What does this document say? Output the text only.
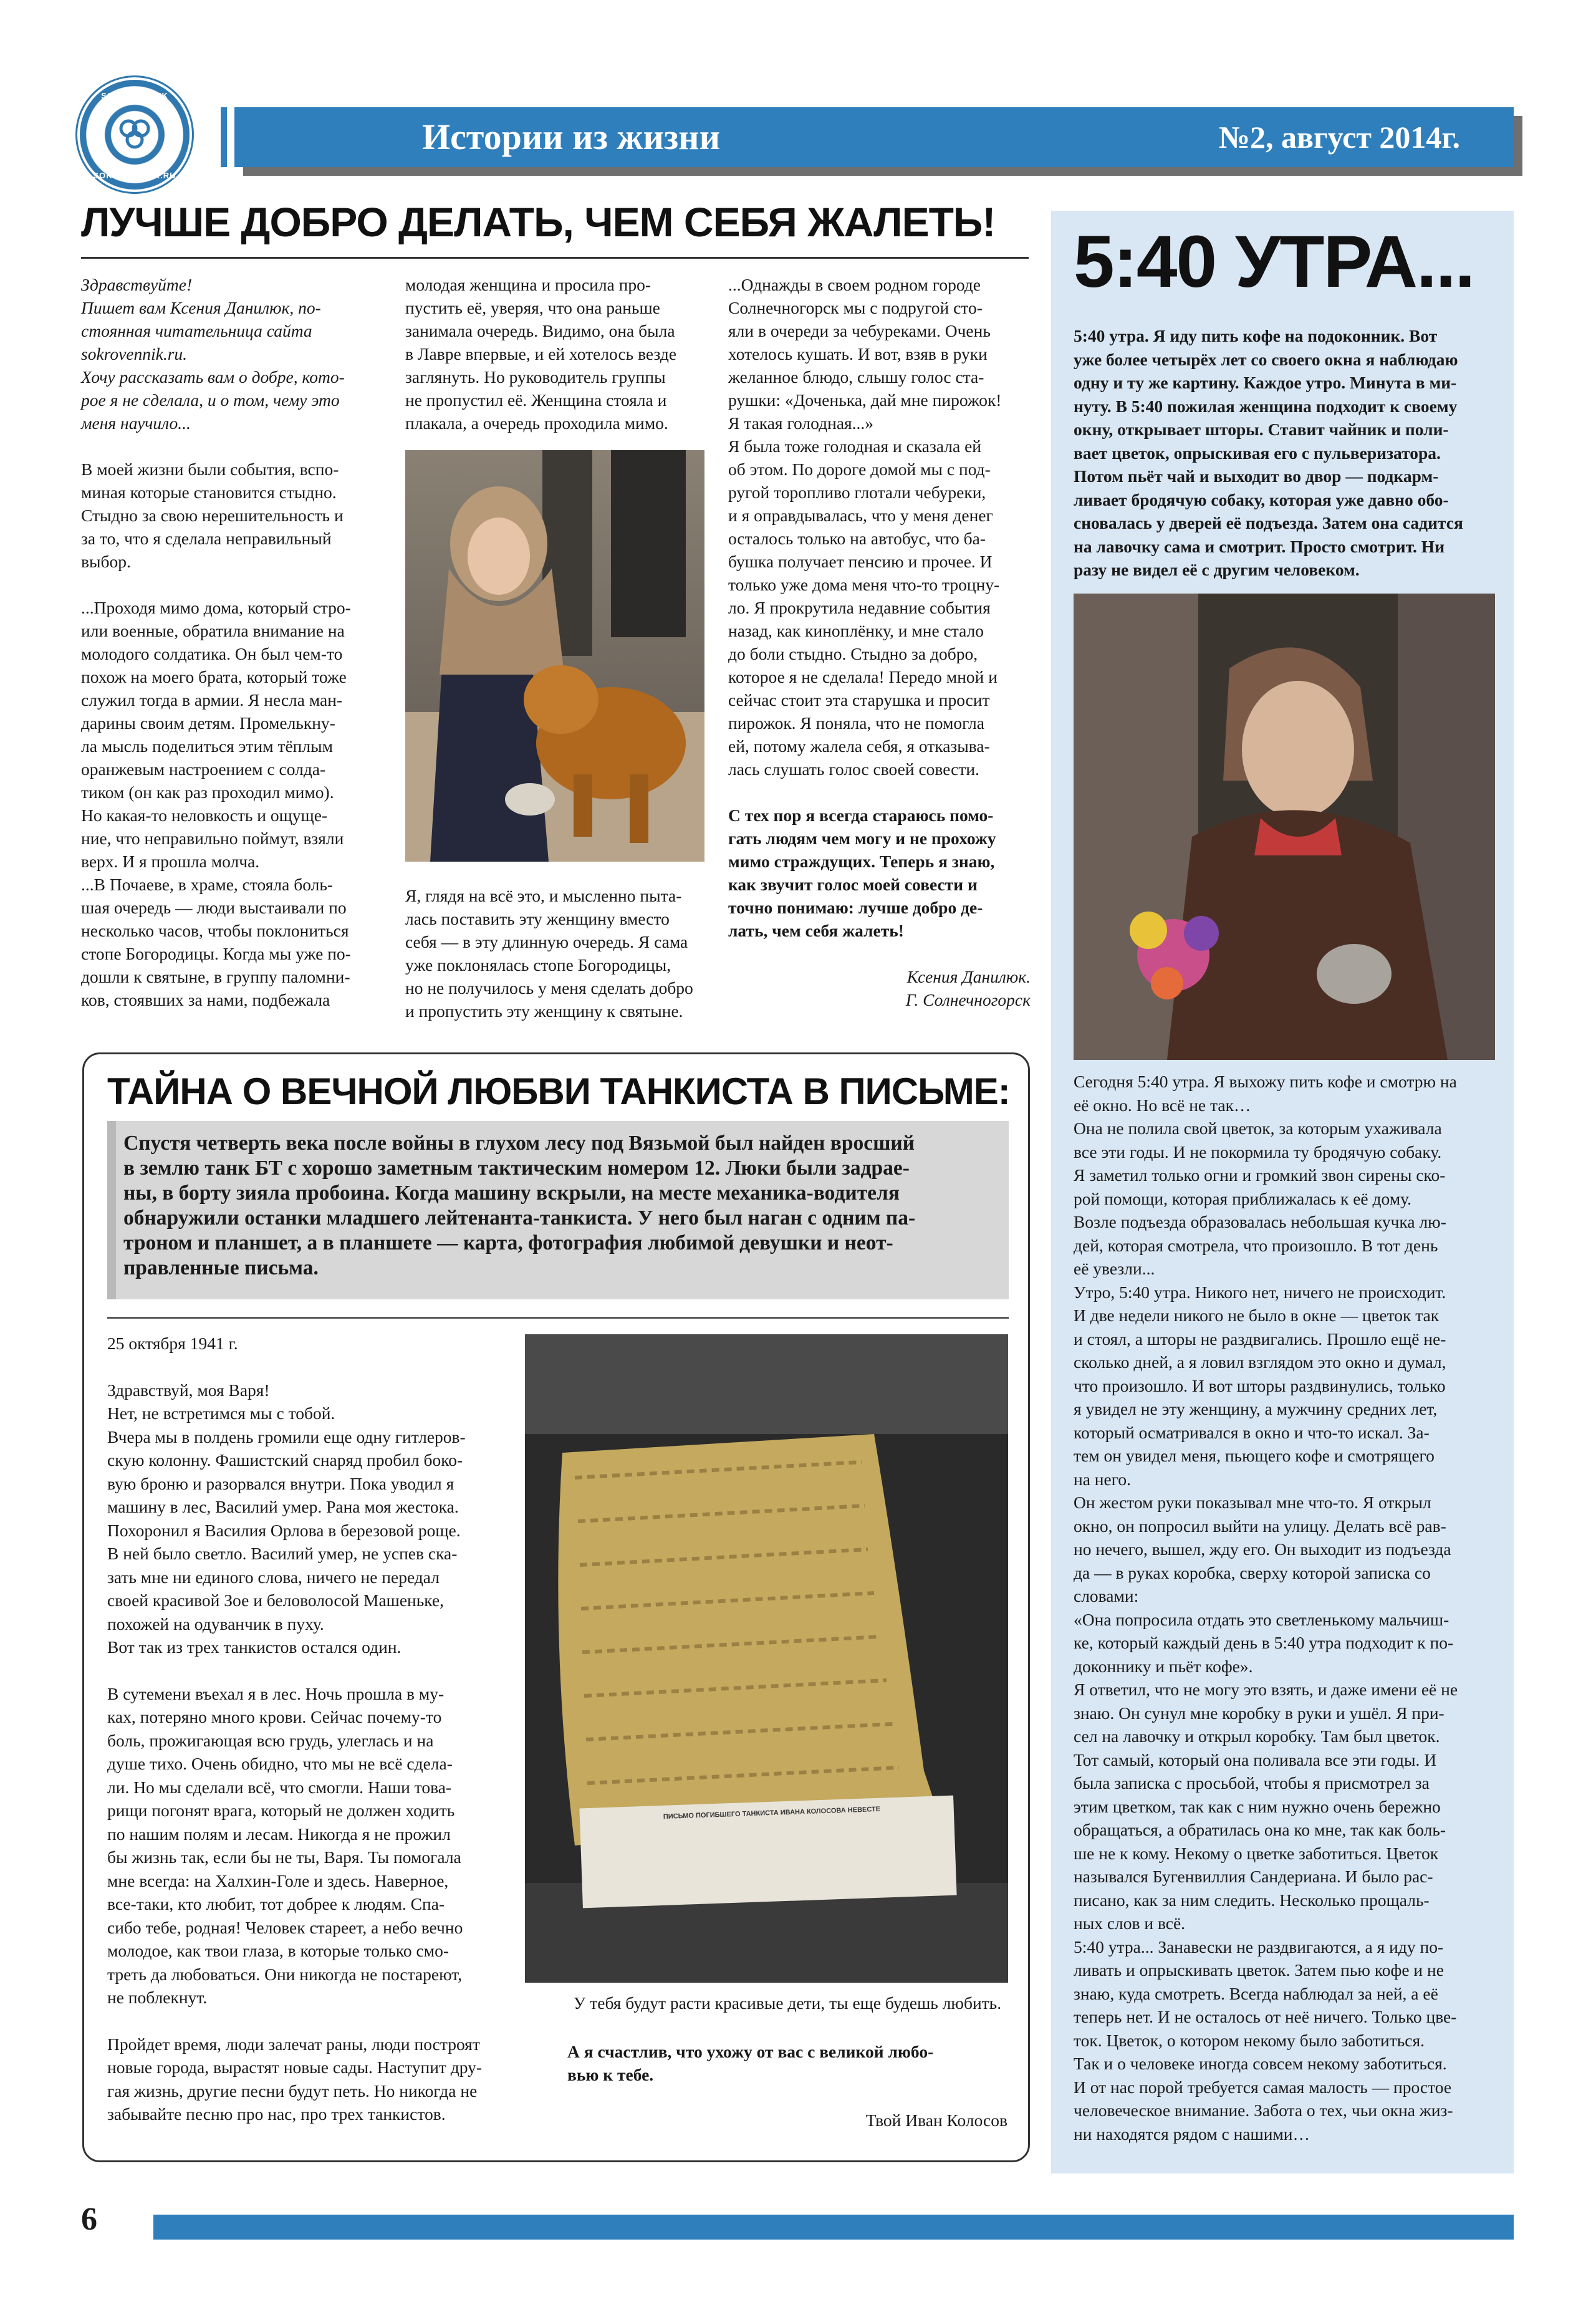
SOKROVENNIK
SOKROVENNIK.RU
Истории из жизни	№2, август 2014г.
ЛУЧШЕ ДОБРО ДЕЛАТЬ, ЧЕМ СЕБЯ ЖАЛЕТЬ!
Здравствуйте!
Пишет вам Ксения Данилюк, по-
стоянная читательница сайта
sokrovennik.ru.
Хочу рассказать вам о добре, кото-
рое я не сделала, и о том, чему это
меня научило...
В моей жизни были события, вспо-
миная которые становится стыдно.
Стыдно за свою нерешительность и
за то, что я сделала неправильный
выбор.
...Проходя мимо дома, который стро-
или военные, обратила внимание на
молодого солдатика. Он был чем-то
похож на моего брата, который тоже
служил тогда в армии. Я несла ман-
дарины своим детям. Промелькну-
ла мысль поделиться этим тёплым
оранжевым настроением с солда-
тиком (он как раз проходил мимо).
Но какая-то неловкость и ощуще-
ние, что неправильно поймут, взяли
верх. И я прошла молча.
...В Почаеве, в храме, стояла боль-
шая очередь — люди выстаивали по
несколько часов, чтобы поклониться
стопе Богородицы. Когда мы уже по-
дошли к святыне, в группу паломни-
ков, стоявших за нами, подбежала
молодая женщина и просила про-
пустить её, уверяя, что она раньше
занимала очередь. Видимо, она была
в Лавре впервые, и ей хотелось везде
заглянуть. Но руководитель группы
не пропустил её. Женщина стояла и
плакала, а очередь проходила мимо.
Я, глядя на всё это, и мысленно пыта-
лась поставить эту женщину вместо
себя — в эту длинную очередь. Я сама
уже поклонялась стопе Богородицы,
но не получилось у меня сделать добро
и пропустить эту женщину к святыне.
...Однажды в своем родном городе
Солнечногорск мы с подругой сто-
яли в очереди за чебуреками. Очень
хотелось кушать. И вот, взяв в руки
желанное блюдо, слышу голос ста-
рушки: «Доченька, дай мне пирожок!
Я такая голодная...»
Я была тоже голодная и сказала ей
об этом. По дороге домой мы с под-
ругой торопливо глотали чебуреки,
и я оправдывалась, что у меня денег
осталось только на автобус, что ба-
бушка получает пенсию и прочее. И
только уже дома меня что-то троцну-
ло. Я прокрутила недавние события
назад, как киноплёнку, и мне стало
до боли стыдно. Стыдно за добро,
которое я не сделала! Передо мной и
сейчас стоит эта старушка и просит
пирожок. Я поняла, что не помогла
ей, потому жалела себя, я отказыва-
лась слушать голос своей совести.
С тех пор я всегда стараюсь помо-
гать людям чем могу и не прохожу
мимо страждущих. Теперь я знаю,
как звучит голос моей совести и
точно понимаю: лучше добро де-
лать, чем себя жалеть!
Ксения Данилюк.
Г. Солнечногорск
5:40 УТРА...
5:40 утра. Я иду пить кофе на подоконник. Вот
уже более четырёх лет со своего окна я наблюдаю
одну и ту же картину. Каждое утро. Минута в ми-
нуту. В 5:40 пожилая женщина подходит к своему
окну, открывает шторы. Ставит чайник и поли-
вает цветок, опрыскивая его с пульверизатора.
Потом пьёт чай и выходит во двор — подкарм-
ливает бродячую собаку, которая уже давно обо-
сновалась у дверей её подъезда. Затем она садится
на лавочку сама и смотрит. Просто смотрит. Ни
разу не видел её с другим человеком.
Сегодня 5:40 утра. Я выхожу пить кофе и смотрю на
её окно. Но всё не так…
Она не полила свой цветок, за которым ухаживала
все эти годы. И не покормила ту бродячую собаку.
Я заметил только огни и громкий звон сирены ско-
рой помощи, которая приближалась к её дому.
Возле подъезда образовалась небольшая кучка лю-
дей, которая смотрела, что произошло. В тот день
её увезли...
Утро, 5:40 утра. Никого нет, ничего не происходит.
И две недели никого не было в окне — цветок так
и стоял, а шторы не раздвигались. Прошло ещё не-
сколько дней, а я ловил взглядом это окно и думал,
что произошло. И вот шторы раздвинулись, только
я увидел не эту женщину, а мужчину средних лет,
который осматривался в окно и что-то искал. За-
тем он увидел меня, пьющего кофе и смотрящего
на него.
Он жестом руки показывал мне что-то. Я открыл
окно, он попросил выйти на улицу. Делать всё рав-
но нечего, вышел, жду его. Он выходит из подъезда
да — в руках коробка, сверху которой записка со
словами:
«Она попросила отдать это светленькому мальчиш-
ке, который каждый день в 5:40 утра подходит к по-
доконнику и пьёт кофе».
Я ответил, что не могу это взять, и даже имени её не
знаю. Он сунул мне коробку в руки и ушёл. Я при-
сел на лавочку и открыл коробку. Там был цветок.
Тот самый, который она поливала все эти годы. И
была записка с просьбой, чтобы я присмотрел за
этим цветком, так как с ним нужно очень бережно
обращаться, а обратилась она ко мне, так как боль-
ше не к кому. Некому о цветке заботиться. Цветок
назывался Бугенвиллия Сандериана. И было рас-
писано, как за ним следить. Несколько прощаль-
ных слов и всё.
5:40 утра... Занавески не раздвигаются, а я иду по-
ливать и опрыскивать цветок. Затем пью кофе и не
знаю, куда смотреть. Всегда наблюдал за ней, а её
теперь нет. И не осталось от неё ничего. Только цве-
ток. Цветок, о котором некому было заботиться.
Так и о человеке иногда совсем некому заботиться.
И от нас порой требуется самая малость — простое
человеческое внимание. Забота о тех, чьи окна жиз-
ни находятся рядом с нашими…
ТАЙНА О ВЕЧНОЙ ЛЮБВИ ТАНКИСТА В ПИСЬМЕ:
Спустя четверть века после войны в глухом лесу под Вязьмой был найден вросший
в землю танк БТ с хорошо заметным тактическим номером 12. Люки были задрае-
ны, в борту зияла пробоина. Когда машину вскрыли, на месте механика-водителя
обнаружили останки младшего лейтенанта-танкиста. У него был наган с одним па-
троном и планшет, а в планшете — карта, фотография любимой девушки и неот-
правленные письма.
25 октября 1941 г.
Здравствуй, моя Варя!
Нет, не встретимся мы с тобой.
Вчера мы в полдень громили еще одну гитлеров-
скую колонну. Фашистский снаряд пробил боко-
вую броню и разорвался внутри. Пока уводил я
машину в лес, Василий умер. Рана моя жестока.
Похоронил я Василия Орлова в березовой роще.
В ней было светло. Василий умер, не успев ска-
зать мне ни единого слова, ничего не передал
своей красивой Зое и беловолосой Машеньке,
похожей на одуванчик в пуху.
Вот так из трех танкистов остался один.
В сутемени въехал я в лес. Ночь прошла в му-
ках, потеряно много крови. Сейчас почему-то
боль, прожигающая всю грудь, улеглась и на
душе тихо. Очень обидно, что мы не всё сдела-
ли. Но мы сделали всё, что смогли. Наши това-
рищи погонят врага, который не должен ходить
по нашим полям и лесам. Никогда я не прожил
бы жизнь так, если бы не ты, Варя. Ты помогала
мне всегда: на Халхин-Голе и здесь. Наверное,
все-таки, кто любит, тот добрее к людям. Спа-
сибо тебе, родная! Человек стареет, а небо вечно
молодое, как твои глаза, в которые только смо-
треть да любоваться. Они никогда не постареют,
не поблекнут.
Пройдет время, люди залечат раны, люди построят
новые города, вырастят новые сады. Наступит дру-
гая жизнь, другие песни будут петь. Но никогда не
забывайте песню про нас, про трех танкистов.
ПИСЬМО ПОГИБШЕГО ТАНКИСТА ИВАНА КОЛОСОВА НЕВЕСТЕ
У тебя будут расти красивые дети, ты еще будешь любить.
А я счастлив, что ухожу от вас с великой любо-
вью к тебе.
Твой Иван Колосов
6
